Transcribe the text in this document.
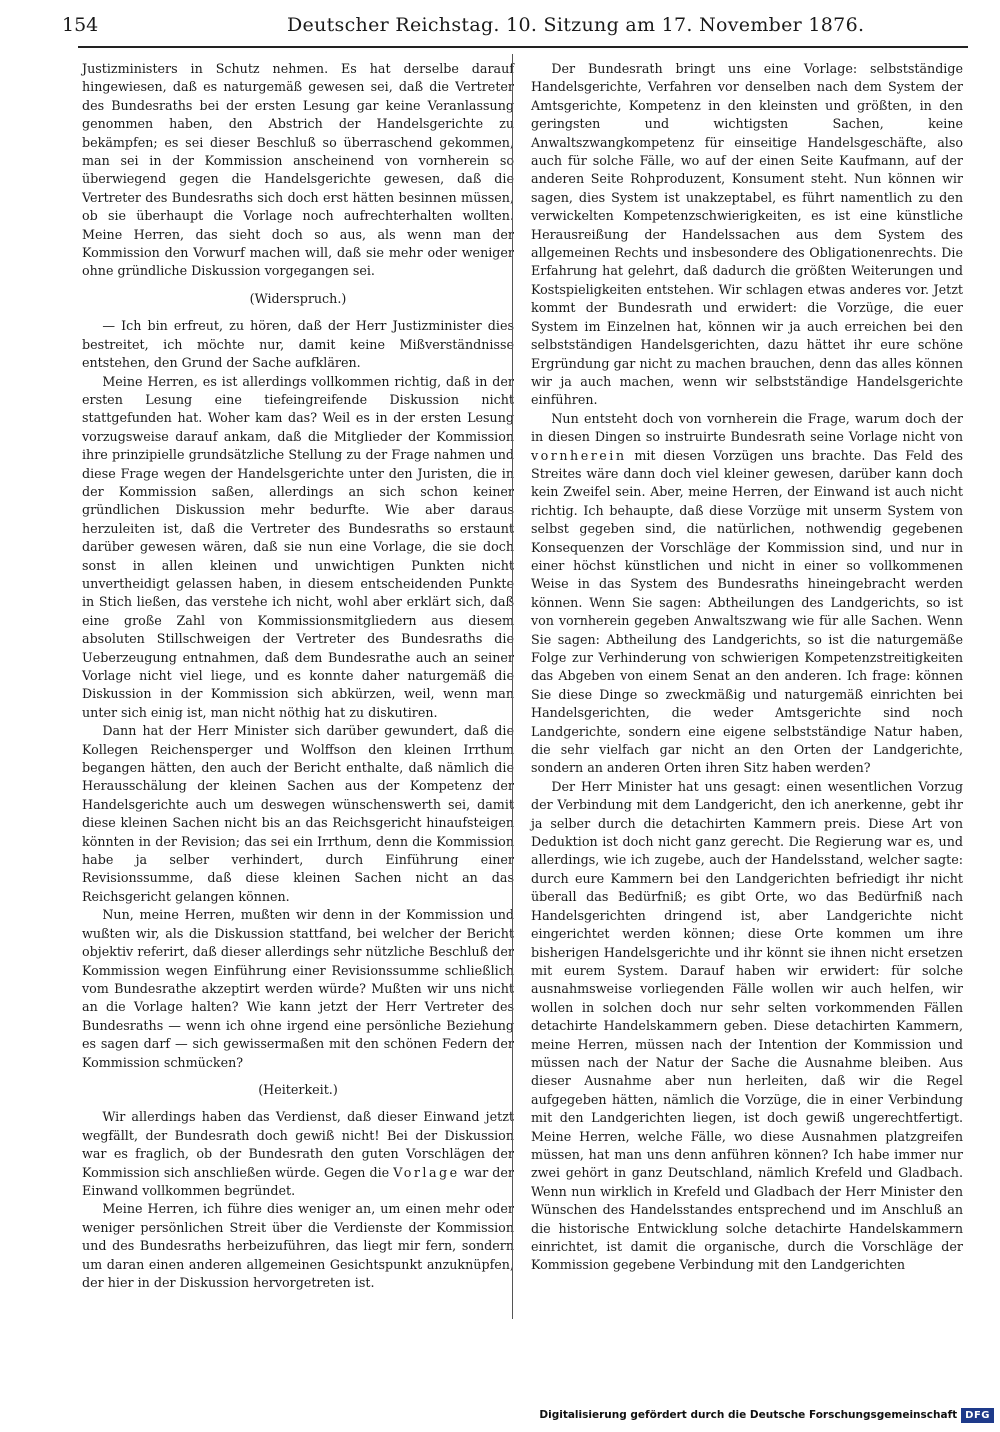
154	Deutscher Reichstag. 10. Sitzung am 17. November 1876.

Justizministers in Schutz nehmen. Es hat derselbe darauf hingewiesen, daß es naturgemäß gewesen sei, daß die Vertreter des Bundesraths bei der ersten Lesung gar keine Veranlassung genommen haben, den Abstrich der Handelsgerichte zu bekämpfen; es sei dieser Beschluß so überraschend gekommen, man sei in der Kommission anscheinend von vornherein so überwiegend gegen die Handelsgerichte gewesen, daß die Vertreter des Bundesraths sich doch erst hätten besinnen müssen, ob sie überhaupt die Vorlage noch aufrechterhalten wollten. Meine Herren, das sieht doch so aus, als wenn man der Kommission den Vorwurf machen will, daß sie mehr oder weniger ohne gründliche Diskussion vorgegangen sei.

(Widerspruch.)

— Ich bin erfreut, zu hören, daß der Herr Justizminister dies bestreitet, ich möchte nur, damit keine Mißverständnisse entstehen, den Grund der Sache aufklären.

Meine Herren, es ist allerdings vollkommen richtig, daß in der ersten Lesung eine tiefeingreifende Diskussion nicht stattgefunden hat. Woher kam das? Weil es in der ersten Lesung vorzugsweise darauf ankam, daß die Mitglieder der Kommission ihre prinzipielle grundsätzliche Stellung zu der Frage nahmen und diese Frage wegen der Handelsgerichte unter den Juristen, die in der Kommission saßen, allerdings an sich schon keiner gründlichen Diskussion mehr bedurfte. Wie aber daraus herzuleiten ist, daß die Vertreter des Bundesraths so erstaunt darüber gewesen wären, daß sie nun eine Vorlage, die sie doch sonst in allen kleinen und unwichtigen Punkten nicht unvertheidigt gelassen haben, in diesem entscheidenden Punkte in Stich ließen, das verstehe ich nicht, wohl aber erklärt sich, daß eine große Zahl von Kommissionsmitgliedern aus diesem absoluten Stillschweigen der Vertreter des Bundesraths die Ueberzeugung entnahmen, daß dem Bundesrathe auch an seiner Vorlage nicht viel liege, und es konnte daher naturgemäß die Diskussion in der Kommission sich abkürzen, weil, wenn man unter sich einig ist, man nicht nöthig hat zu diskutiren.

Dann hat der Herr Minister sich darüber gewundert, daß die Kollegen Reichensperger und Wolffson den kleinen Irrthum begangen hätten, den auch der Bericht enthalte, daß nämlich die Herausschälung der kleinen Sachen aus der Kompetenz der Handelsgerichte auch um deswegen wünschenswerth sei, damit diese kleinen Sachen nicht bis an das Reichsgericht hinaufsteigen könnten in der Revision; das sei ein Irrthum, denn die Kommission habe ja selber verhindert, durch Einführung einer Revisionssumme, daß diese kleinen Sachen nicht an das Reichsgericht gelangen können.

Nun, meine Herren, mußten wir denn in der Kommission und wußten wir, als die Diskussion stattfand, bei welcher der Bericht objektiv referirt, daß dieser allerdings sehr nützliche Beschluß der Kommission wegen Einführung einer Revisionssumme schließlich vom Bundesrathe akzeptirt werden würde? Mußten wir uns nicht an die Vorlage halten? Wie kann jetzt der Herr Vertreter des Bundesraths — wenn ich ohne irgend eine persönliche Beziehung es sagen darf — sich gewissermaßen mit den schönen Federn der Kommission schmücken?

(Heiterkeit.)

Wir allerdings haben das Verdienst, daß dieser Einwand jetzt wegfällt, der Bundesrath doch gewiß nicht! Bei der Diskussion war es fraglich, ob der Bundesrath den guten Vorschlägen der Kommission sich anschließen würde. Gegen die Vorlage war der Einwand vollkommen begründet.

Meine Herren, ich führe dies weniger an, um einen mehr oder weniger persönlichen Streit über die Verdienste der Kommission und des Bundesraths herbeizuführen, das liegt mir fern, sondern um daran einen anderen allgemeinen Gesichtspunkt anzuknüpfen, der hier in der Diskussion hervorgetreten ist.

Der Bundesrath bringt uns eine Vorlage: selbstständige Handelsgerichte, Verfahren vor denselben nach dem System der Amtsgerichte, Kompetenz in den kleinsten und größten, in den geringsten und wichtigsten Sachen, keine Anwaltszwangkompetenz für einseitige Handelsgeschäfte, also auch für solche Fälle, wo auf der einen Seite Kaufmann, auf der anderen Seite Rohproduzent, Konsument steht. Nun können wir sagen, dies System ist unakzeptabel, es führt namentlich zu den verwickelten Kompetenzschwierigkeiten, es ist eine künstliche Herausreißung der Handelssachen aus dem System des allgemeinen Rechts und insbesondere des Obligationenrechts. Die Erfahrung hat gelehrt, daß dadurch die größten Weiterungen und Kostspieligkeiten entstehen. Wir schlagen etwas anderes vor. Jetzt kommt der Bundesrath und erwidert: die Vorzüge, die euer System im Einzelnen hat, können wir ja auch erreichen bei den selbstständigen Handelsgerichten, dazu hättet ihr eure schöne Ergründung gar nicht zu machen brauchen, denn das alles können wir ja auch machen, wenn wir selbstständige Handelsgerichte einführen.

Nun entsteht doch von vornherein die Frage, warum doch der in diesen Dingen so instruirte Bundesrath seine Vorlage nicht von vornherein mit diesen Vorzügen uns brachte. Das Feld des Streites wäre dann doch viel kleiner gewesen, darüber kann doch kein Zweifel sein. Aber, meine Herren, der Einwand ist auch nicht richtig. Ich behaupte, daß diese Vorzüge mit unserm System von selbst gegeben sind, die natürlichen, nothwendig gegebenen Konsequenzen der Vorschläge der Kommission sind, und nur in einer höchst künstlichen und nicht in einer so vollkommenen Weise in das System des Bundesraths hineingebracht werden können. Wenn Sie sagen: Abtheilungen des Landgerichts, so ist von vornherein gegeben Anwaltszwang wie für alle Sachen. Wenn Sie sagen: Abtheilung des Landgerichts, so ist die naturgemäße Folge zur Verhinderung von schwierigen Kompetenzstreitigkeiten das Abgeben von einem Senat an den anderen. Ich frage: können Sie diese Dinge so zweckmäßig und naturgemäß einrichten bei Handelsgerichten, die weder Amtsgerichte sind noch Landgerichte, sondern eine eigene selbstständige Natur haben, die sehr vielfach gar nicht an den Orten der Landgerichte, sondern an anderen Orten ihren Sitz haben werden?

Der Herr Minister hat uns gesagt: einen wesentlichen Vorzug der Verbindung mit dem Landgericht, den ich anerkenne, gebt ihr ja selber durch die detachirten Kammern preis. Diese Art von Deduktion ist doch nicht ganz gerecht. Die Regierung war es, und allerdings, wie ich zugebe, auch der Handelsstand, welcher sagte: durch eure Kammern bei den Landgerichten befriedigt ihr nicht überall das Bedürfniß; es gibt Orte, wo das Bedürfniß nach Handelsgerichten dringend ist, aber Landgerichte nicht eingerichtet werden können; diese Orte kommen um ihre bisherigen Handelsgerichte und ihr könnt sie ihnen nicht ersetzen mit eurem System. Darauf haben wir erwidert: für solche ausnahmsweise vorliegenden Fälle wollen wir auch helfen, wir wollen in solchen doch nur sehr selten vorkommenden Fällen detachirte Handelskammern geben. Diese detachirten Kammern, meine Herren, müssen nach der Intention der Kommission und müssen nach der Natur der Sache die Ausnahme bleiben. Aus dieser Ausnahme aber nun herleiten, daß wir die Regel aufgegeben hätten, nämlich die Vorzüge, die in einer Verbindung mit den Landgerichten liegen, ist doch gewiß ungerechtfertigt. Meine Herren, welche Fälle, wo diese Ausnahmen platzgreifen müssen, hat man uns denn anführen können? Ich habe immer nur zwei gehört in ganz Deutschland, nämlich Krefeld und Gladbach. Wenn nun wirklich in Krefeld und Gladbach der Herr Minister den Wünschen des Handelsstandes entsprechend und im Anschluß an die historische Entwicklung solche detachirte Handelskammern einrichtet, ist damit die organische, durch die Vorschläge der Kommission gegebene Verbindung mit den Landgerichten

Digitalisierung gefördert durch die Deutsche Forschungsgemeinschaft DFG
